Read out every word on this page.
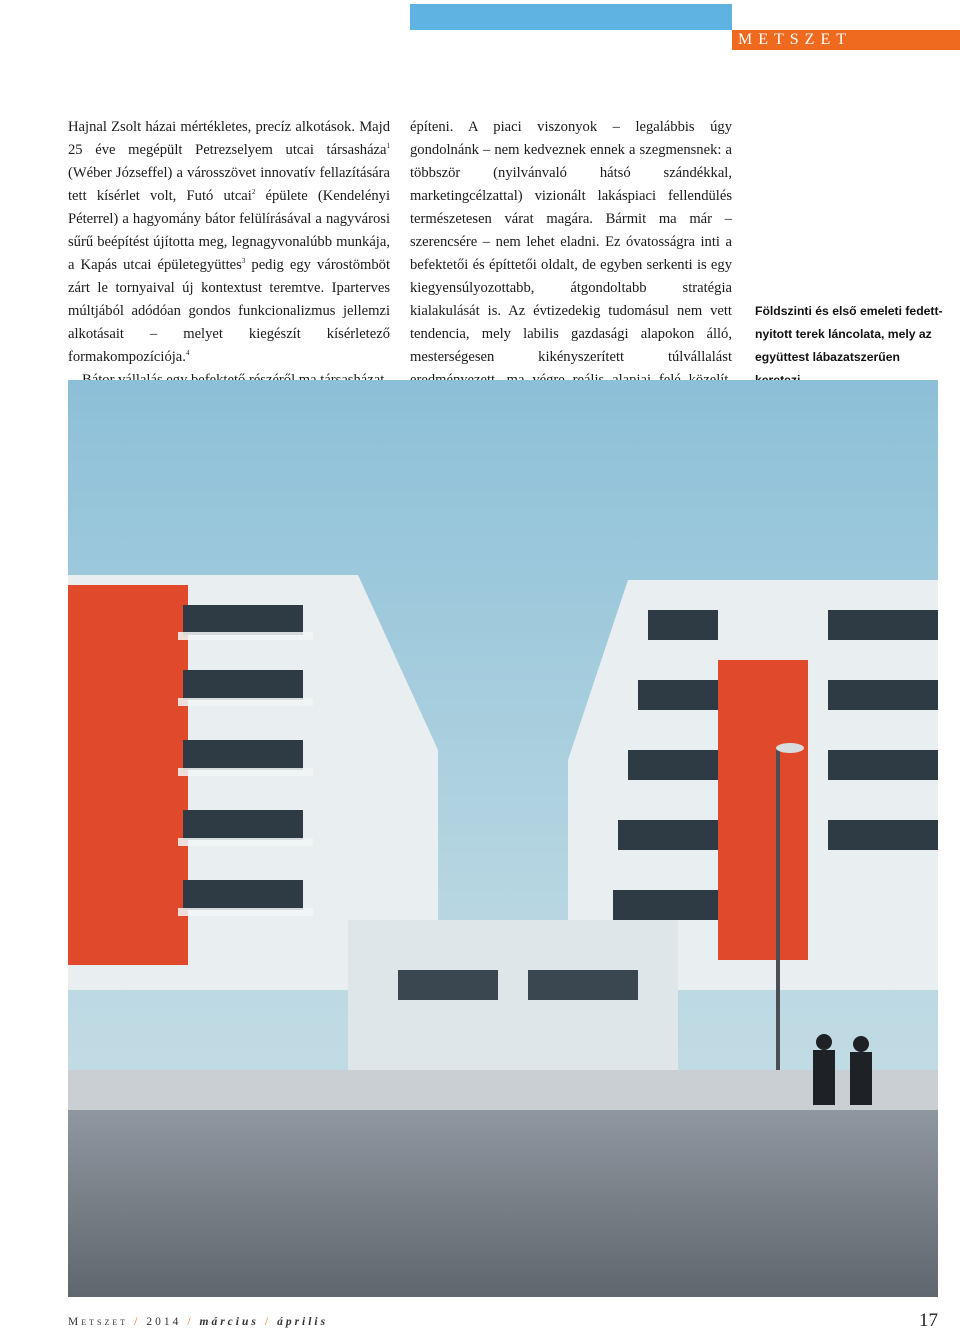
METSZET

Hajnal Zsolt házai mértékletes, precíz alkotások. Majd 25 éve megépült Petrezselyem utcai társasháza$^1$ (Wéber Józseffel) a városszövet innovatív fellazítására tett kísérlet volt, Futó utcai$^2$ épülete (Kendelényi Péterrel) a hagyomány bátor felülírásával a nagyvárosi sűrű beépítést újította meg, legnagyvonalúbb munkája, a Kapás utcai épületegyüttes$^3$ pedig egy várostömböt zárt le tornyaival új kontextust teremtve. Iparterves múltjából adódóan gondos funkcionalizmus jellemzi alkotásait – melyet kiegészít kísérletező formakompozíciója.$^4$

építeni. A piaci viszonyok – legalábbis úgy gondolnánk – nem kedveznek ennek a szegmensnek: a többször (nyilvánvaló hátsó szándékkal, marketingcélzattal) vizionált lakáspiaci fellendülés természetesen várat magára. Bármit ma már – szerencsére – nem lehet eladni. Ez óvatosságra inti a befektetői és építtetői oldalt, de egyben serkenti is egy kiegyensúlyozottabb, átgondoltabb stratégia kialakulását is. Az évtizedekig tudomásul nem vett tendencia, mely labilis gazdasági alapokon álló, mesterségesen kikényszerített túlvállalást

Földszinti és első emeleti fedett-nyitott terek láncolata, mely az együttest lábazatszerűen
Metszet / 2014 / március / április	17
